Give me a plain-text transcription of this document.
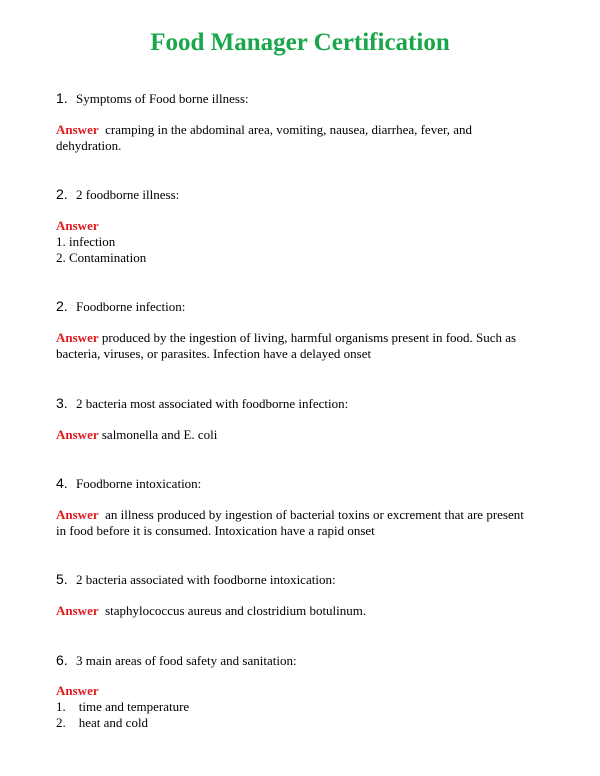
Food Manager Certification
1. Symptoms of Food borne illness:
Answer cramping in the abdominal area, vomiting, nausea, diarrhea, fever, and
dehydration.
2. 2 foodborne illness:
Answer
1. infection
2. Contamination
2. Foodborne infection:
Answer produced by the ingestion of living, harmful organisms present in food. Such as
bacteria, viruses, or parasites. Infection have a delayed onset
3. 2 bacteria most associated with foodborne infection:
Answer salmonella and E. coli
4. Foodborne intoxication:
Answer an illness produced by ingestion of bacterial toxins or excrement that are present
in food before it is consumed. Intoxication have a rapid onset
5. 2 bacteria associated with foodborne intoxication:
Answer staphylococcus aureus and clostridium botulinum.
6. 3 main areas of food safety and sanitation:
Answer
1.    time and temperature
2.    heat and cold
